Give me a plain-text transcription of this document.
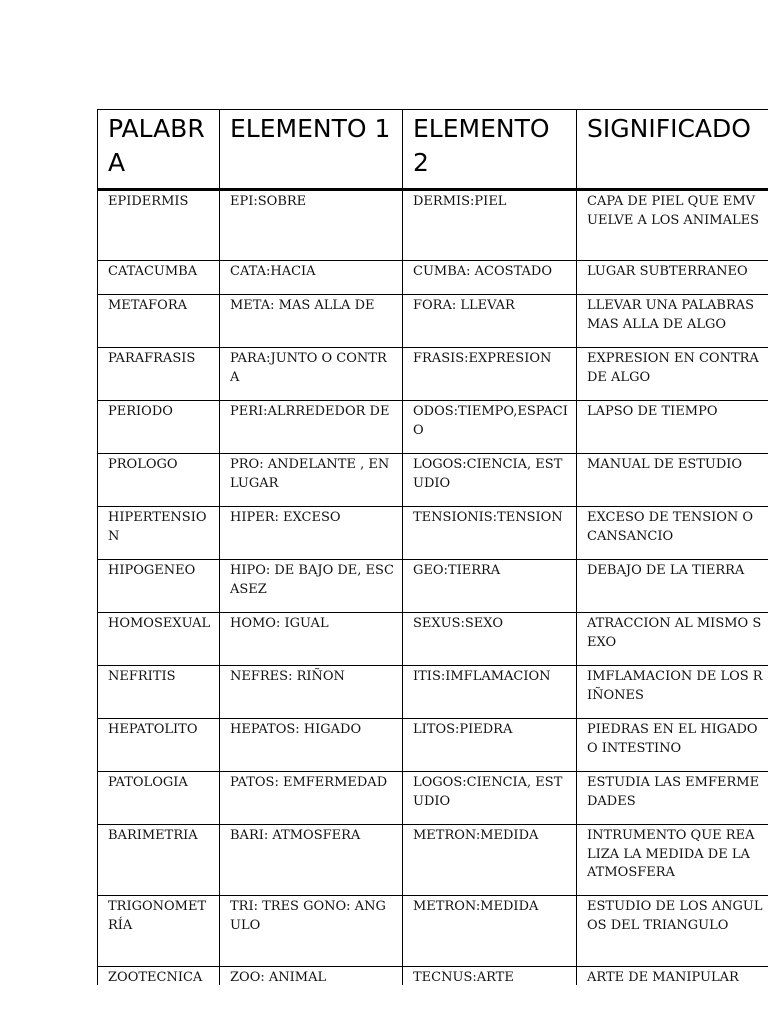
PALABRA	ELEMENTO 1	ELEMENTO 2	SIGNIFICADO

EPIDERMIS	EPI:SOBRE	DERMIS:PIEL	CAPA DE PIEL QUE EMVUELVE A LOS ANIMALES

CATACUMBA	CATA:HACIA	CUMBA: ACOSTADO	LUGAR SUBTERRANEO

METAFORA	META: MAS ALLA DE	FORA: LLEVAR	LLEVAR UNA PALABRAS MAS ALLA DE ALGO

PARAFRASIS	PARA:JUNTO O CONTRA	FRASIS:EXPRESION	EXPRESION EN CONTRA DE ALGO

PERIODO	PERI:ALRREDEDOR DE	ODOS:TIEMPO,ESPACIO	LAPSO DE TIEMPO

PROLOGO	PRO: ANDELANTE , EN LUGAR	LOGOS:CIENCIA, ESTUDIO	MANUAL DE ESTUDIO

HIPERTENSION	HIPER: EXCESO	TENSIONIS:TENSION	EXCESO DE TENSION O CANSANCIO

HIPOGENEO	HIPO: DE BAJO DE, ESCASEZ	GEO:TIERRA	DEBAJO DE LA TIERRA

HOMOSEXUAL	HOMO: IGUAL	SEXUS:SEXO	ATRACCION AL MISMO SEXO

NEFRITIS	NEFRES: RIÑON	ITIS:IMFLAMACION	IMFLAMACION DE LOS RIÑONES

HEPATOLITO	HEPATOS: HIGADO	LITOS:PIEDRA	PIEDRAS EN EL HIGADO O INTESTINO

PATOLOGIA	PATOS: EMFERMEDAD	LOGOS:CIENCIA, ESTUDIO	ESTUDIA LAS EMFERMEDADES

BARIMETRIA	BARI: ATMOSFERA	METRON:MEDIDA	INTRUMENTO QUE REALIZA LA MEDIDA DE LA ATMOSFERA

TRIGONOMETRÍA	TRI: TRES GONO: ANGULO	METRON:MEDIDA	ESTUDIO DE LOS ANGULOS DEL TRIANGULO

ZOOTECNICA	ZOO: ANIMAL	TECNUS:ARTE	ARTE DE MANIPULAR
